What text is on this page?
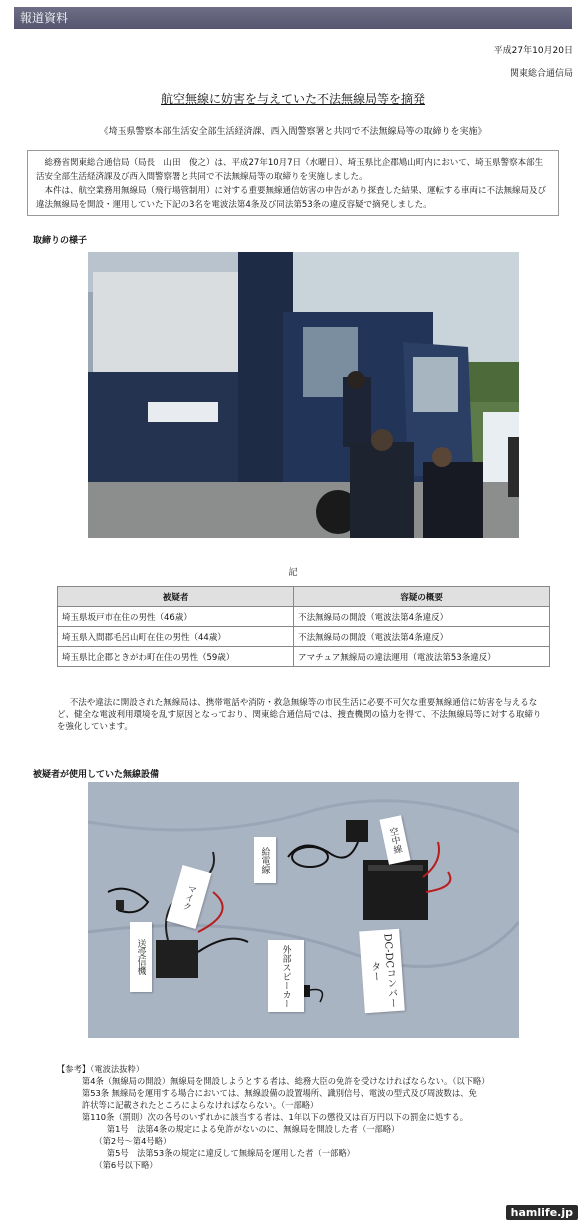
報道資料
平成27年10月20日
関東総合通信局
航空無線に妨害を与えていた不法無線局等を摘発
《埼玉県警察本部生活安全部生活経済課、西入間警察署と共同で不法無線局等の取締りを実施》

総務省関東総合通信局（局長　山田　俊之）は、平成27年10月7日（水曜日）、埼玉県比企郡鳩山町内において、埼玉県警察本部生活安全部生活経済課及び西入間警察署と共同で不法無線局等の取締りを実施しました。

本件は、航空業務用無線局（飛行場管制用）に対する重要無線通信妨害の申告があり探査した結果、運転する車両に不法無線局及び違法無線局を開設・運用していた下記の3名を電波法第4条及び同法第53条の違反容疑で摘発しました。

取締りの様子
記
被疑者	容疑の概要
埼玉県坂戸市在住の男性（46歳）	不法無線局の開設（電波法第4条違反）
埼玉県入間郡毛呂山町在住の男性（44歳）	不法無線局の開設（電波法第4条違反）
埼玉県比企郡ときがわ町在住の男性（59歳）	アマチュア無線局の違法運用（電波法第53条違反）

不法や違法に開設された無線局は、携帯電話や消防・救急無線等の市民生活に必要不可欠な重要無線通信に妨害を与えるなど、健全な電波利用環境を乱す原因となっており、関東総合通信局では、捜査機関の協力を得て、不法無線局等に対する取締りを強化しています。

被疑者が使用していた無線設備
マイク
送受信機	外部スピーカー	DC-DCコンバーター
給電線
空中線
【参考】（電波法抜粋）
　　　第4条（無線局の開設）無線局を開設しようとする者は、総務大臣の免許を受けなければならない。（以下略）
　　　第53条 無線局を運用する場合においては、無線設備の設置場所、識別信号、電波の型式及び周波数は、免
　　　許状等に記載されたところによらなければならない。（一部略）
　　　第110条（罰則）次の各号のいずれかに該当する者は、1年以下の懲役又は百万円以下の罰金に処する。
　　　　　　第1号　法第4条の規定による免許がないのに、無線局を開設した者（一部略）
　　　　　（第2号～第4号略）
　　　　　　第5号　法第53条の規定に違反して無線局を運用した者（一部略）
　　　　　（第6号以下略）
hamlife.jp
